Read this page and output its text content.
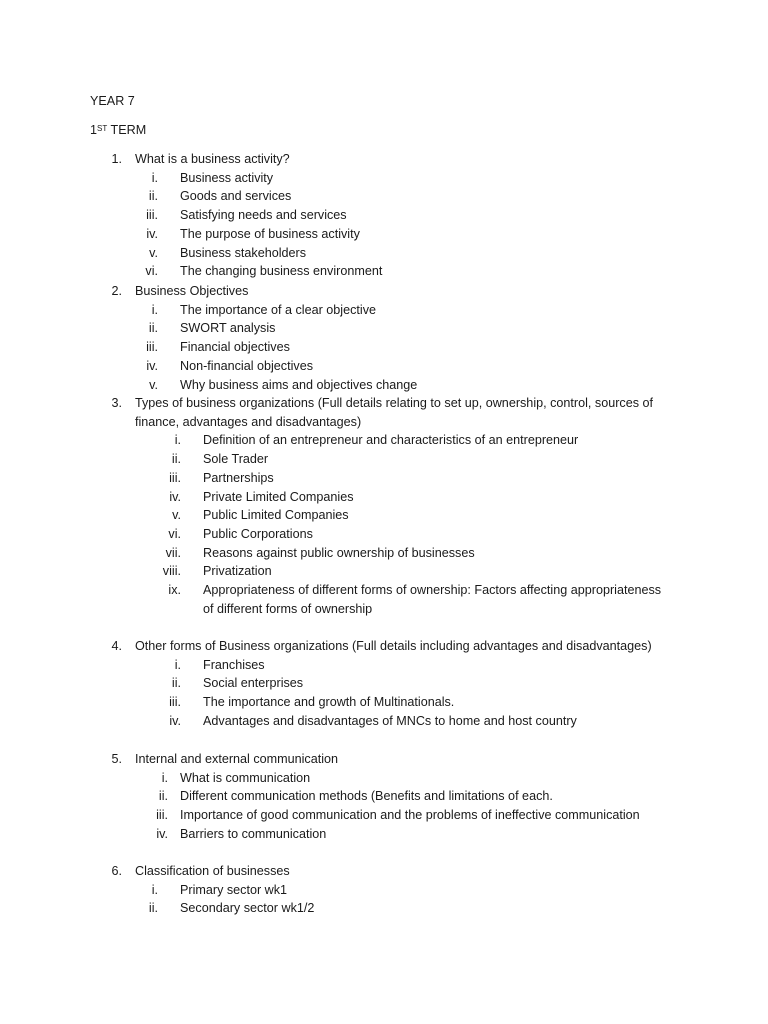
YEAR 7
1ST TERM
1. What is a business activity?
i. Business activity
ii. Goods and services
iii. Satisfying needs and services
iv. The purpose of business activity
v. Business stakeholders
vi. The changing business environment
2. Business Objectives
i. The importance of a clear objective
ii. SWORT analysis
iii. Financial objectives
iv. Non-financial objectives
v. Why business aims and objectives change
3. Types of business organizations (Full details relating to set up, ownership, control, sources of
finance, advantages and disadvantages)
i. Definition of an entrepreneur and characteristics of an entrepreneur
ii. Sole Trader
iii. Partnerships
iv. Private Limited Companies
v. Public Limited Companies
vi. Public Corporations
vii. Reasons against public ownership of businesses
viii. Privatization
ix. Appropriateness of different forms of ownership: Factors affecting appropriateness
of different forms of ownership
4. Other forms of Business organizations (Full details including advantages and disadvantages)
i. Franchises
ii. Social enterprises
iii. The importance and growth of Multinationals.
iv. Advantages and disadvantages of MNCs to home and host country
5. Internal and external communication
i. What is communication
ii. Different communication methods (Benefits and limitations of each.
iii. Importance of good communication and the problems of ineffective communication
iv. Barriers to communication
6. Classification of businesses
i. Primary sector wk1
ii. Secondary sector wk1/2
